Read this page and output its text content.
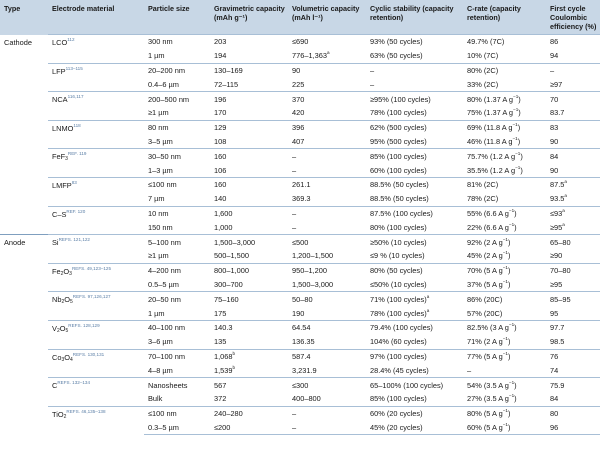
Type	Electrode material	Particle size	Gravimetric capacity (mAh g⁻¹)	Volumetric capacity (mAh l⁻¹)	Cyclic stability (capacity retention)	C-rate (capacity retention)	First cycle Coulombic efficiency (%)
Cathode	LCO$^{112}$	300 nm	203	≤690	93% (50 cycles)	49.7% (7C)	86
		1 µm	194	776–1,363$^a$	63% (50 cycles)	10% (7C)	94
	LFP$^{113-115}$	20–200 nm	130–169	90	–	80% (2C)	–
		0.4–6 µm	72–115	225	–	33% (2C)	≥97
	NCA$^{116,117}$	200–500 nm	196	370	≥95% (100 cycles)	80% (1.37 A $g^{-1}$)	70
		≥1 µm	170	420	78% (100 cycles)	75% (1.37 A $g^{-1}$)	83.7
	LNMO$^{118}$	80 nm	129	396	62% (500 cycles)	69% (11.8 A $g^{-1}$)	83
		3–5 µm	108	407	95% (500 cycles)	46% (11.8 A $g^{-1}$)	90
	FeF$_3^{REF. 119}$	30–50 nm	160	–	85% (100 cycles)	75.7% (1.2 A $g^{-1}$)	84
		1–3 µm	106	–	60% (100 cycles)	35.5% (1.2 A $g^{-1}$)	90
	LMFP$^{83}$	≤100 nm	160	261.1	88.5% (50 cycles)	81% (2C)	87.5$^a$
		7 µm	140	369.3	88.5% (50 cycles)	78% (2C)	93.5$^a$
	C–S$^{REF. 120}$	10 nm	1,600	–	87.5% (100 cycles)	55% (6.6 A $g^{-1}$)	$\le 93^a$
		150 nm	1,000	–	80% (100 cycles)	22% (6.6 A $g^{-1}$)	$\ge 95^a$
Anode	Si$^{REFS. 121,122}$	5–100 nm	1,500–3,000	≤500	≥50% (10 cycles)	92% (2 A $g^{-1}$)	65–80
		≥1 µm	500–1,500	1,200–1,500	≤9 % (10 cycles)	45% (2 A $g^{-1}$)	≥90
	$Fe_2O_3^{REFS. 49,123-125}$	4–200 nm	800–1,000	950–1,200	80% (50 cycles)	70% (5 A $g^{-1}$)	70–80
		0.5–5 µm	300–700	1,500–3,000	≤50% (10 cycles)	37% (5 A $g^{-1}$)	≥95
	$Nb_2O_5^{REFS. 97,126,127}$	20–50 nm	75–160	50–80	71% (100 cycles)$^a$	86% (20C)	85–95
		1 µm	175	190	78% (100 cycles)$^a$	57% (20C)	95
	$V_2O_5^{REFS. 128,129}$	40–100 nm	140.3	64.54	79.4% (100 cycles)	82.5% (3 A $g^{-1}$)	97.7
		3–6 µm	135	136.35	104% (60 cycles)	71% (2 A $g^{-1}$)	98.5
	$Co_3O_4^{REFS. 130,131}$	70–100 nm	1,068$^b$	587.4	97% (100 cycles)	77% (5 A $g^{-1}$)	76
		4–8 µm	1,539$^b$	3,231.9	28.4% (45 cycles)	–	74
	C$^{REFS. 132-134}$	Nanosheets	567	≤300	65–100% (100 cycles)	54% (3.5 A $g^{-1}$)	75.9
		Bulk	372	400–800	85% (100 cycles)	27% (3.5 A $g^{-1}$)	84
	TiO$_2^{REFS. 46,135-138}$	≤100 nm	240–280	–	60% (20 cycles)	80% (5 A $g^{-1}$)	80
		0.3–5 µm	≤200	–	45% (20 cycles)	60% (5 A $g^{-1}$)	96
